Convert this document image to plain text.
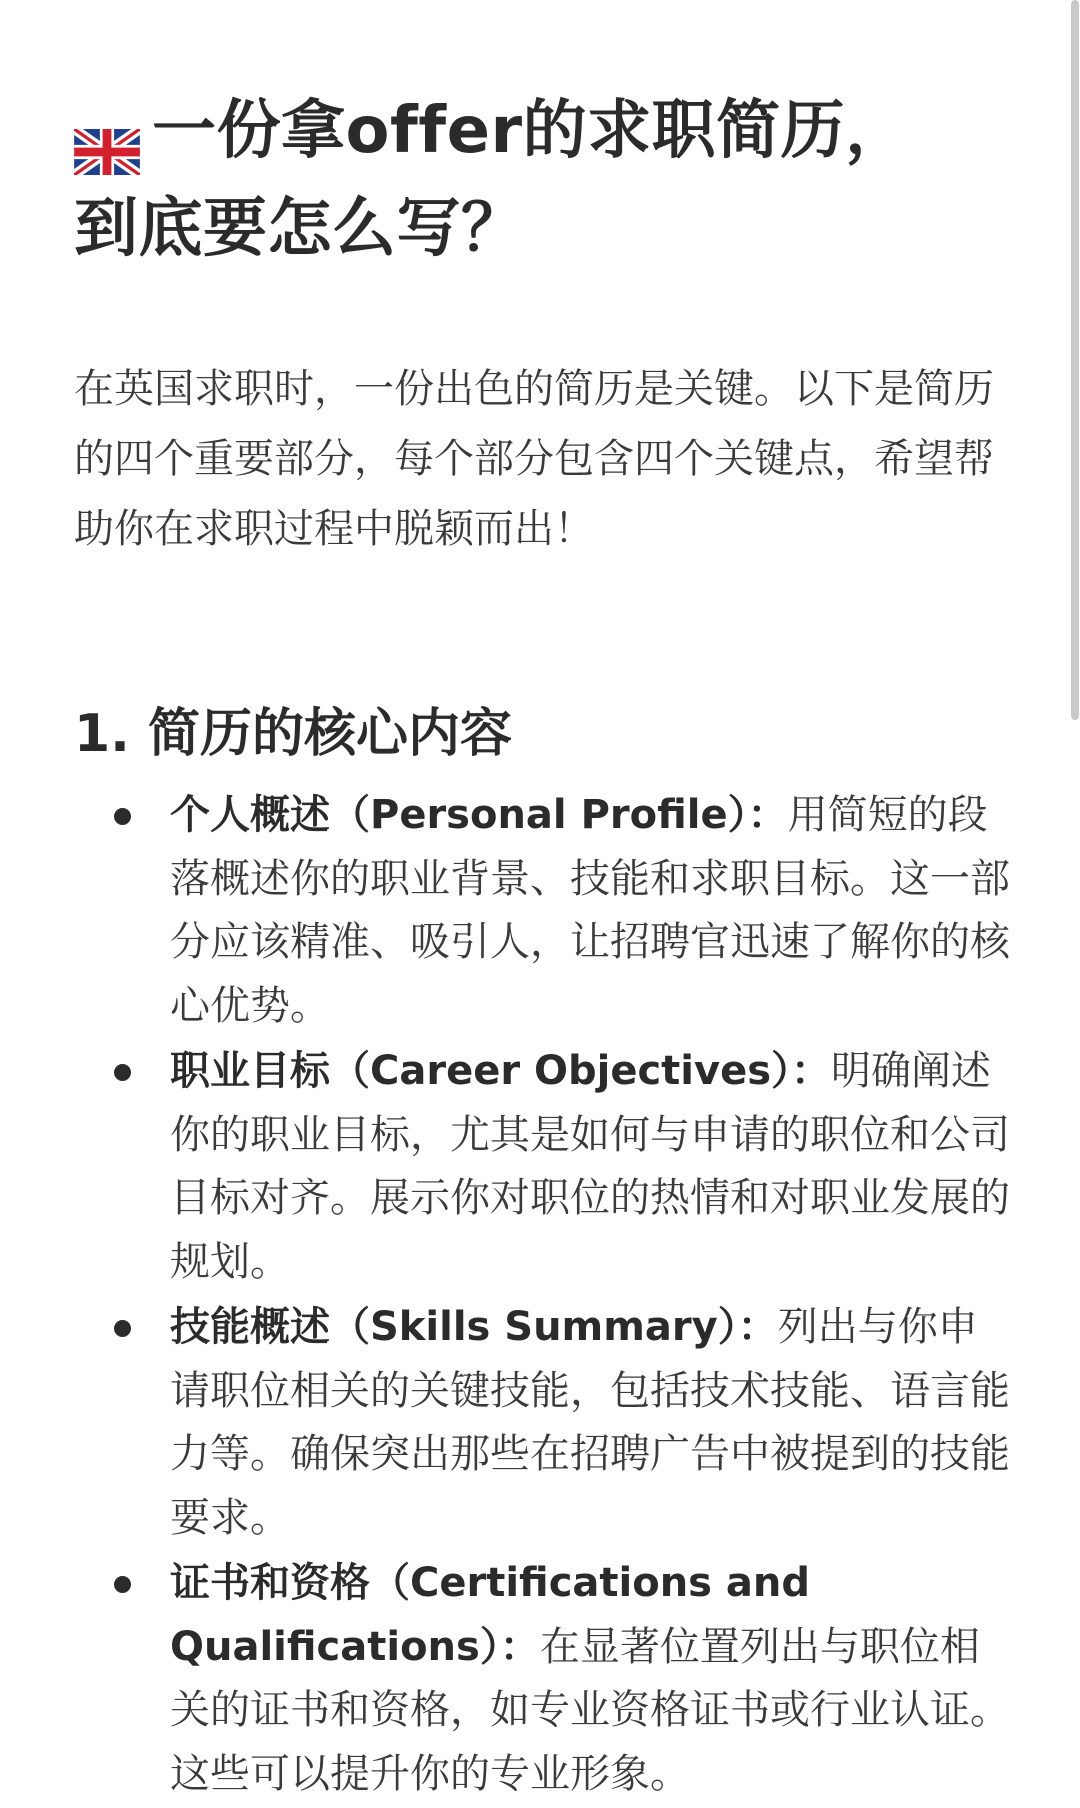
一份拿offer的求职简历，到底要怎么写？

在英国求职时，一份出色的简历是关键。以下是简历的四个重要部分，每个部分包含四个关键点，希望帮助你在求职过程中脱颖而出！

1. 简历的核心内容
个人概述（Personal Profile）：用简短的段落概述你的职业背景、技能和求职目标。这一部分应该精准、吸引人，让招聘官迅速了解你的核心优势。
职业目标（Career Objectives）：明确阐述你的职业目标，尤其是如何与申请的职位和公司目标对齐。展示你对职位的热情和对职业发展的规划。
技能概述（Skills Summary）：列出与你申请职位相关的关键技能，包括技术技能、语言能力等。确保突出那些在招聘广告中被提到的技能要求。
证书和资格（Certifications and Qualifications）：在显著位置列出与职位相关的证书和资格，如专业资格证书或行业认证。这些可以提升你的专业形象。
